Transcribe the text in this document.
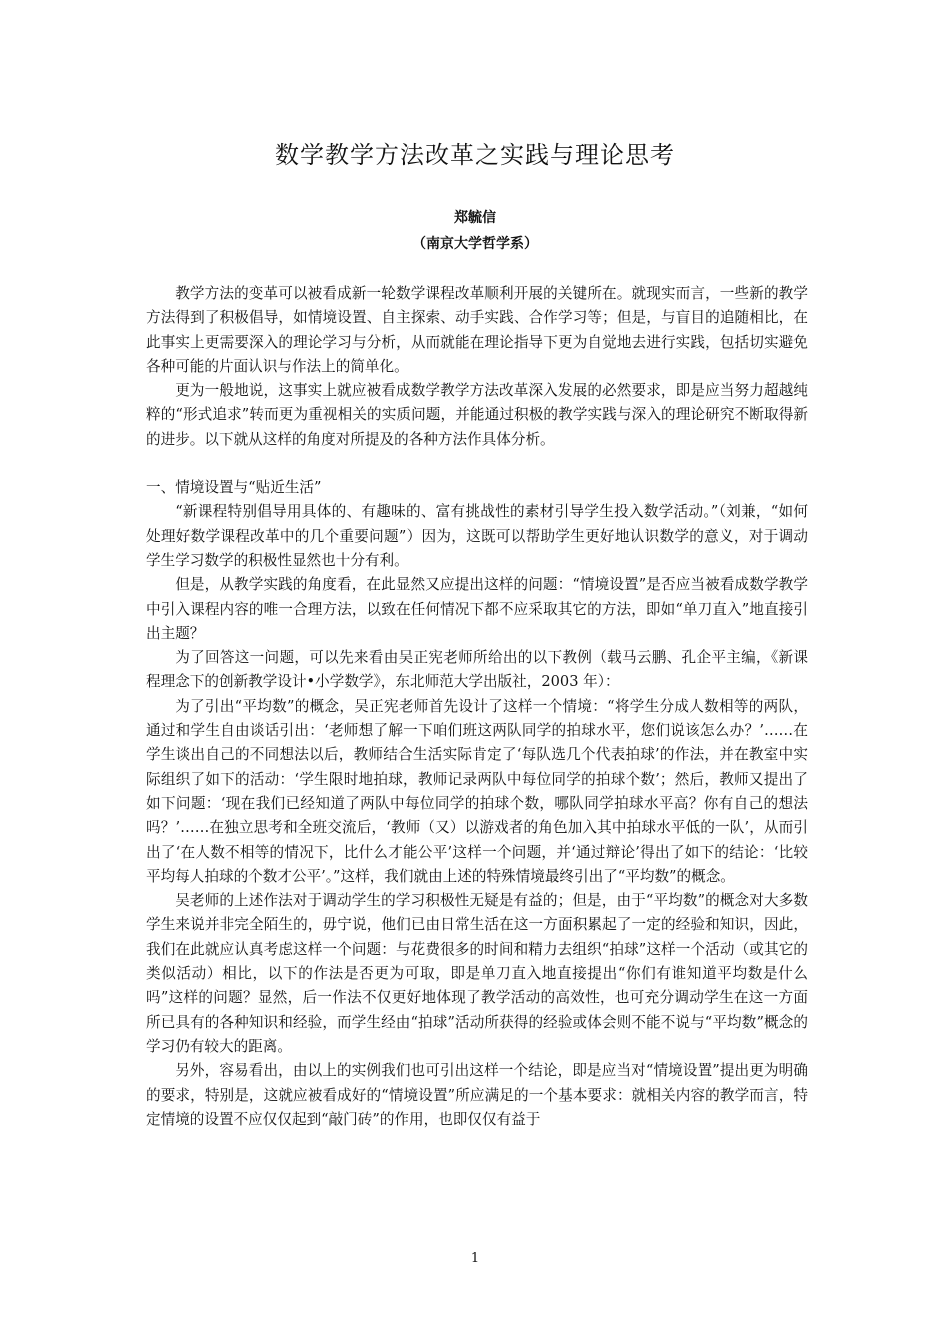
数学教学方法改革之实践与理论思考
郑毓信
（南京大学哲学系）

教学方法的变革可以被看成新一轮数学课程改革顺利开展的关键所在。就现实而言，一些新的教学方法得到了积极倡导，如情境设置、自主探索、动手实践、合作学习等；但是，与盲目的追随相比，在此事实上更需要深入的理论学习与分析，从而就能在理论指导下更为自觉地去进行实践，包括切实避免各种可能的片面认识与作法上的简单化。

更为一般地说，这事实上就应被看成数学教学方法改革深入发展的必然要求，即是应当努力超越纯粹的“形式追求”转而更为重视相关的实质问题，并能通过积极的教学实践与深入的理论研究不断取得新的进步。以下就从这样的角度对所提及的各种方法作具体分析。

一、情境设置与“贴近生活”

“新课程特别倡导用具体的、有趣味的、富有挑战性的素材引导学生投入数学活动。”（刘兼，“如何处理好数学课程改革中的几个重要问题”）因为，这既可以帮助学生更好地认识数学的意义，对于调动学生学习数学的积极性显然也十分有利。

但是，从教学实践的角度看，在此显然又应提出这样的问题：“情境设置”是否应当被看成数学教学中引入课程内容的唯一合理方法，以致在任何情况下都不应采取其它的方法，即如“单刀直入”地直接引出主题？

为了回答这一问题，可以先来看由吴正宪老师所给出的以下教例（载马云鹏、孔企平主编，《新课程理念下的创新教学设计•小学数学》，东北师范大学出版社，2003 年）：

为了引出“平均数”的概念，吴正宪老师首先设计了这样一个情境：“将学生分成人数相等的两队，通过和学生自由谈话引出：‘老师想了解一下咱们班这两队同学的拍球水平，您们说该怎么办？’……在学生谈出自己的不同想法以后，教师结合生活实际肯定了‘每队选几个代表拍球’的作法，并在教室中实际组织了如下的活动：‘学生限时地拍球，教师记录两队中每位同学的拍球个数’；然后，教师又提出了如下问题：‘现在我们已经知道了两队中每位同学的拍球个数，哪队同学拍球水平高？你有自己的想法吗？’……在独立思考和全班交流后，‘教师（又）以游戏者的角色加入其中拍球水平低的一队’，从而引出了‘在人数不相等的情况下，比什么才能公平’这样一个问题，并‘通过辩论’得出了如下的结论：‘比较平均每人拍球的个数才公平’。”这样，我们就由上述的特殊情境最终引出了“平均数”的概念。

吴老师的上述作法对于调动学生的学习积极性无疑是有益的；但是，由于“平均数”的概念对大多数学生来说并非完全陌生的，毋宁说，他们已由日常生活在这一方面积累起了一定的经验和知识，因此，我们在此就应认真考虑这样一个问题：与花费很多的时间和精力去组织“拍球”这样一个活动（或其它的类似活动）相比，以下的作法是否更为可取，即是单刀直入地直接提出“你们有谁知道平均数是什么吗”这样的问题？显然，后一作法不仅更好地体现了教学活动的高效性，也可充分调动学生在这一方面所已具有的各种知识和经验，而学生经由“拍球”活动所获得的经验或体会则不能不说与“平均数”概念的学习仍有较大的距离。

另外，容易看出，由以上的实例我们也可引出这样一个结论，即是应当对“情境设置”提出更为明确的要求，特别是，这就应被看成好的“情境设置”所应满足的一个基本要求：就相关内容的教学而言，特定情境的设置不应仅仅起到“敲门砖”的作用，也即仅仅有益于

1
